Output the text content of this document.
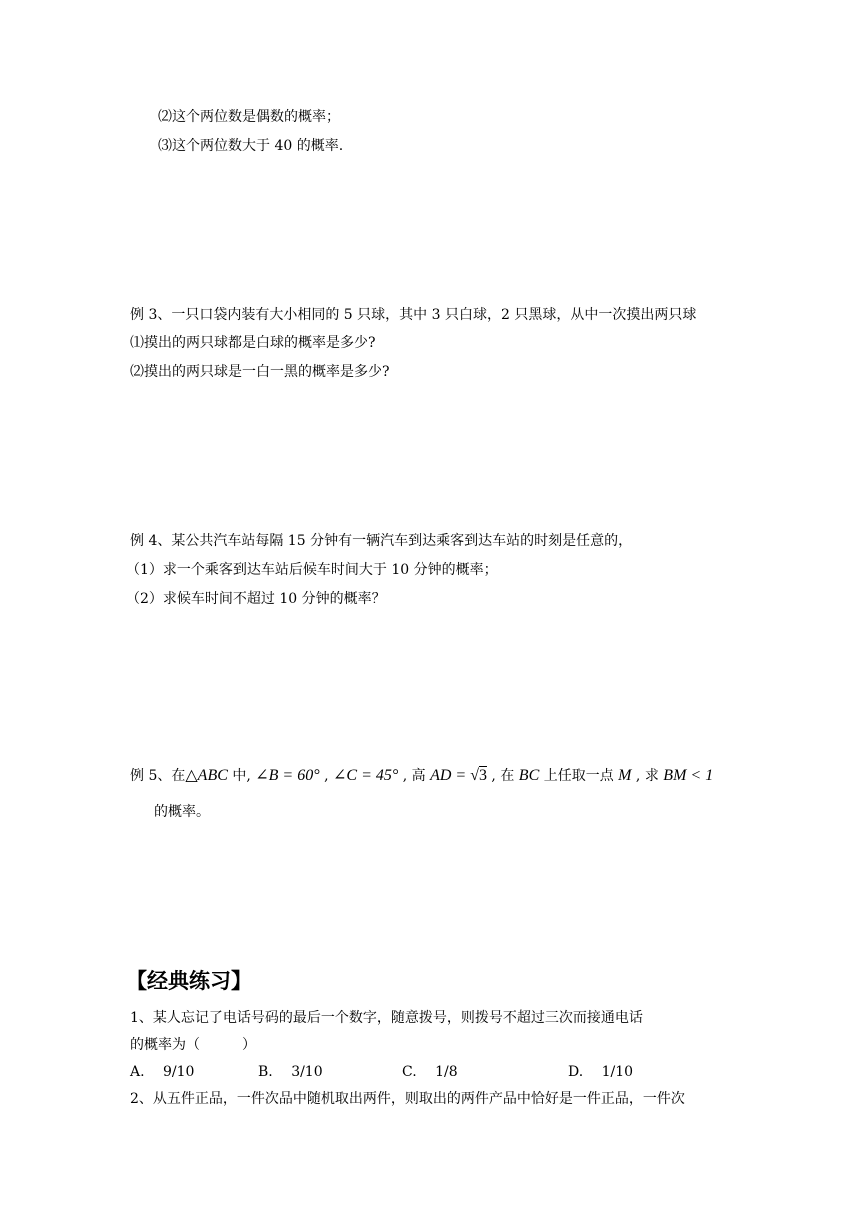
⑵这个两位数是偶数的概率；
⑶这个两位数大于 40 的概率.
例 3、一只口袋内装有大小相同的 5 只球，其中 3 只白球，2 只黑球，从中一次摸出两只球
⑴摸出的两只球都是白球的概率是多少?
⑵摸出的两只球是一白一黑的概率是多少?
例 4、某公共汽车站每隔 15 分钟有一辆汽车到达乘客到达车站的时刻是任意的，
（1）求一个乘客到达车站后候车时间大于 10 分钟的概率；
（2）求候车时间不超过 10 分钟的概率？
例 5、在△ABC 中, ∠B = 60° , ∠C = 45° , 高 AD = √3 , 在 BC 上任取一点 M , 求 BM < 1
的概率。
【经典练习】
1、某人忘记了电话号码的最后一个数字，随意拨号，则拨号不超过三次而接通电话
的概率为（　　　）
A.　 9/10	B.　 3/10	C.　 1/8	D.　 1/10
2、从五件正品，一件次品中随机取出两件，则取出的两件产品中恰好是一件正品，一件次
